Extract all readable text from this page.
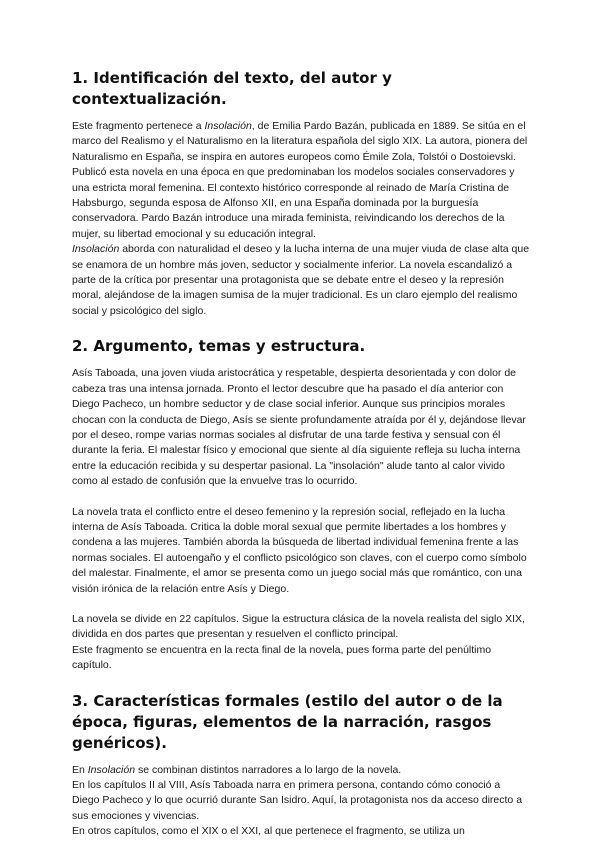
1. Identificación del texto, del autor y contextualización.

Este fragmento pertenece a Insolación, de Emilia Pardo Bazán, publicada en 1889. Se sitúa en el marco del Realismo y el Naturalismo en la literatura española del siglo XIX. La autora, pionera del Naturalismo en España, se inspira en autores europeos como Émile Zola, Tolstói o Dostoievski. Publicó esta novela en una época en que predominaban los modelos sociales conservadores y una estricta moral femenina. El contexto histórico corresponde al reinado de María Cristina de Habsburgo, segunda esposa de Alfonso XII, en una España dominada por la burguesía conservadora. Pardo Bazán introduce una mirada feminista, reivindicando los derechos de la mujer, su libertad emocional y su educación integral.

Insolación aborda con naturalidad el deseo y la lucha interna de una mujer viuda de clase alta que se enamora de un hombre más joven, seductor y socialmente inferior. La novela escandalizó a parte de la crítica por presentar una protagonista que se debate entre el deseo y la represión moral, alejándose de la imagen sumisa de la mujer tradicional. Es un claro ejemplo del realismo social y psicológico del siglo.

2. Argumento, temas y estructura.

Asís Taboada, una joven viuda aristocrática y respetable, despierta desorientada y con dolor de cabeza tras una intensa jornada. Pronto el lector descubre que ha pasado el día anterior con Diego Pacheco, un hombre seductor y de clase social inferior. Aunque sus principios morales chocan con la conducta de Diego, Asís se siente profundamente atraída por él y, dejándose llevar por el deseo, rompe varias normas sociales al disfrutar de una tarde festiva y sensual con él durante la feria. El malestar físico y emocional que siente al día siguiente refleja su lucha interna entre la educación recibida y su despertar pasional. La "insolación" alude tanto al calor vivido como al estado de confusión que la envuelve tras lo ocurrido.

La novela trata el conflicto entre el deseo femenino y la represión social, reflejado en la lucha interna de Asís Taboada. Critica la doble moral sexual que permite libertades a los hombres y condena a las mujeres. También aborda la búsqueda de libertad individual femenina frente a las normas sociales. El autoengaño y el conflicto psicológico son claves, con el cuerpo como símbolo del malestar. Finalmente, el amor se presenta como un juego social más que romántico, con una visión irónica de la relación entre Asís y Diego.

La novela se divide en 22 capítulos. Sigue la estructura clásica de la novela realista del siglo XIX, dividida en dos partes que presentan y resuelven el conflicto principal.

Este fragmento se encuentra en la recta final de la novela, pues forma parte del penúltimo capítulo.

3. Características formales (estilo del autor o de la época, figuras, elementos de la narración, rasgos genéricos).

En Insolación se combinan distintos narradores a lo largo de la novela.

En los capítulos II al VIII, Asís Taboada narra en primera persona, contando cómo conoció a Diego Pacheco y lo que ocurrió durante San Isidro. Aquí, la protagonista nos da acceso directo a sus emociones y vivencias.

En otros capítulos, como el XIX o el XXI, al que pertenece el fragmento, se utiliza un
